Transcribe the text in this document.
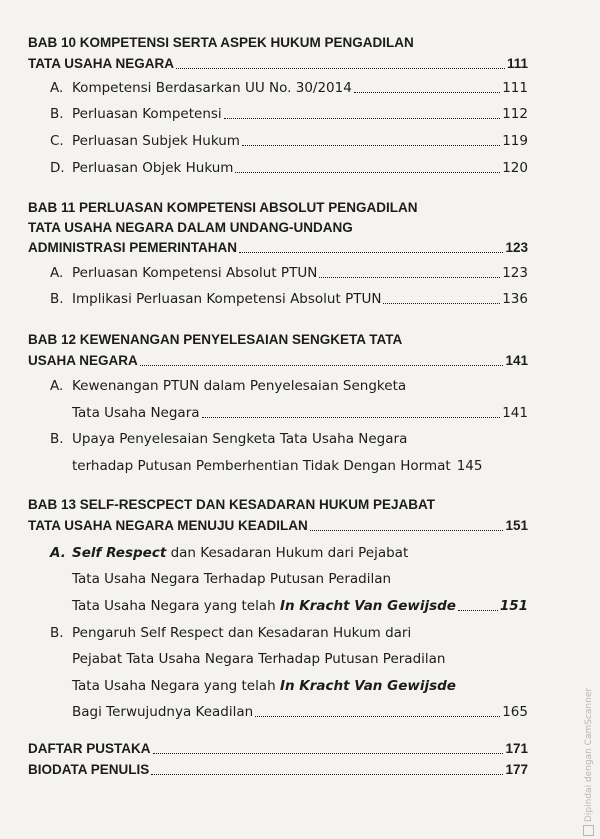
BAB 10 KOMPETENSI SERTA ASPEK HUKUM PENGADILAN
TATA USAHA NEGARA	111
A. Kompetensi Berdasarkan UU No. 30/2014	111
B. Perluasan Kompetensi	112
C. Perluasan Subjek Hukum	119
D. Perluasan Objek Hukum	120
BAB 11 PERLUASAN KOMPETENSI ABSOLUT PENGADILAN
TATA USAHA NEGARA DALAM UNDANG-UNDANG
ADMINISTRASI PEMERINTAHAN	123
A. Perluasan Kompetensi Absolut PTUN	123
B. Implikasi Perluasan Kompetensi Absolut PTUN	136
BAB 12 KEWENANGAN PENYELESAIAN SENGKETA TATA
USAHA NEGARA	141
A. Kewenangan PTUN dalam Penyelesaian Sengketa
Tata Usaha Negara	141
B. Upaya Penyelesaian Sengketa Tata Usaha Negara
terhadap Putusan Pemberhentian Tidak Dengan Hormat 145
BAB 13 SELF-RESCPECT DAN KESADARAN HUKUM PEJABAT
TATA USAHA NEGARA MENUJU KEADILAN	151
A. Self Respect dan Kesadaran Hukum dari Pejabat
Tata Usaha Negara Terhadap Putusan Peradilan
Tata Usaha Negara yang telah In Kracht Van Gewijsde	151
B. Pengaruh Self Respect dan Kesadaran Hukum dari
Pejabat Tata Usaha Negara Terhadap Putusan Peradilan
Tata Usaha Negara yang telah In Kracht Van Gewijsde
Bagi Terwujudnya Keadilan	165
DAFTAR PUSTAKA	171
BIODATA PENULIS	177	Dipindai dengan CamScanner
